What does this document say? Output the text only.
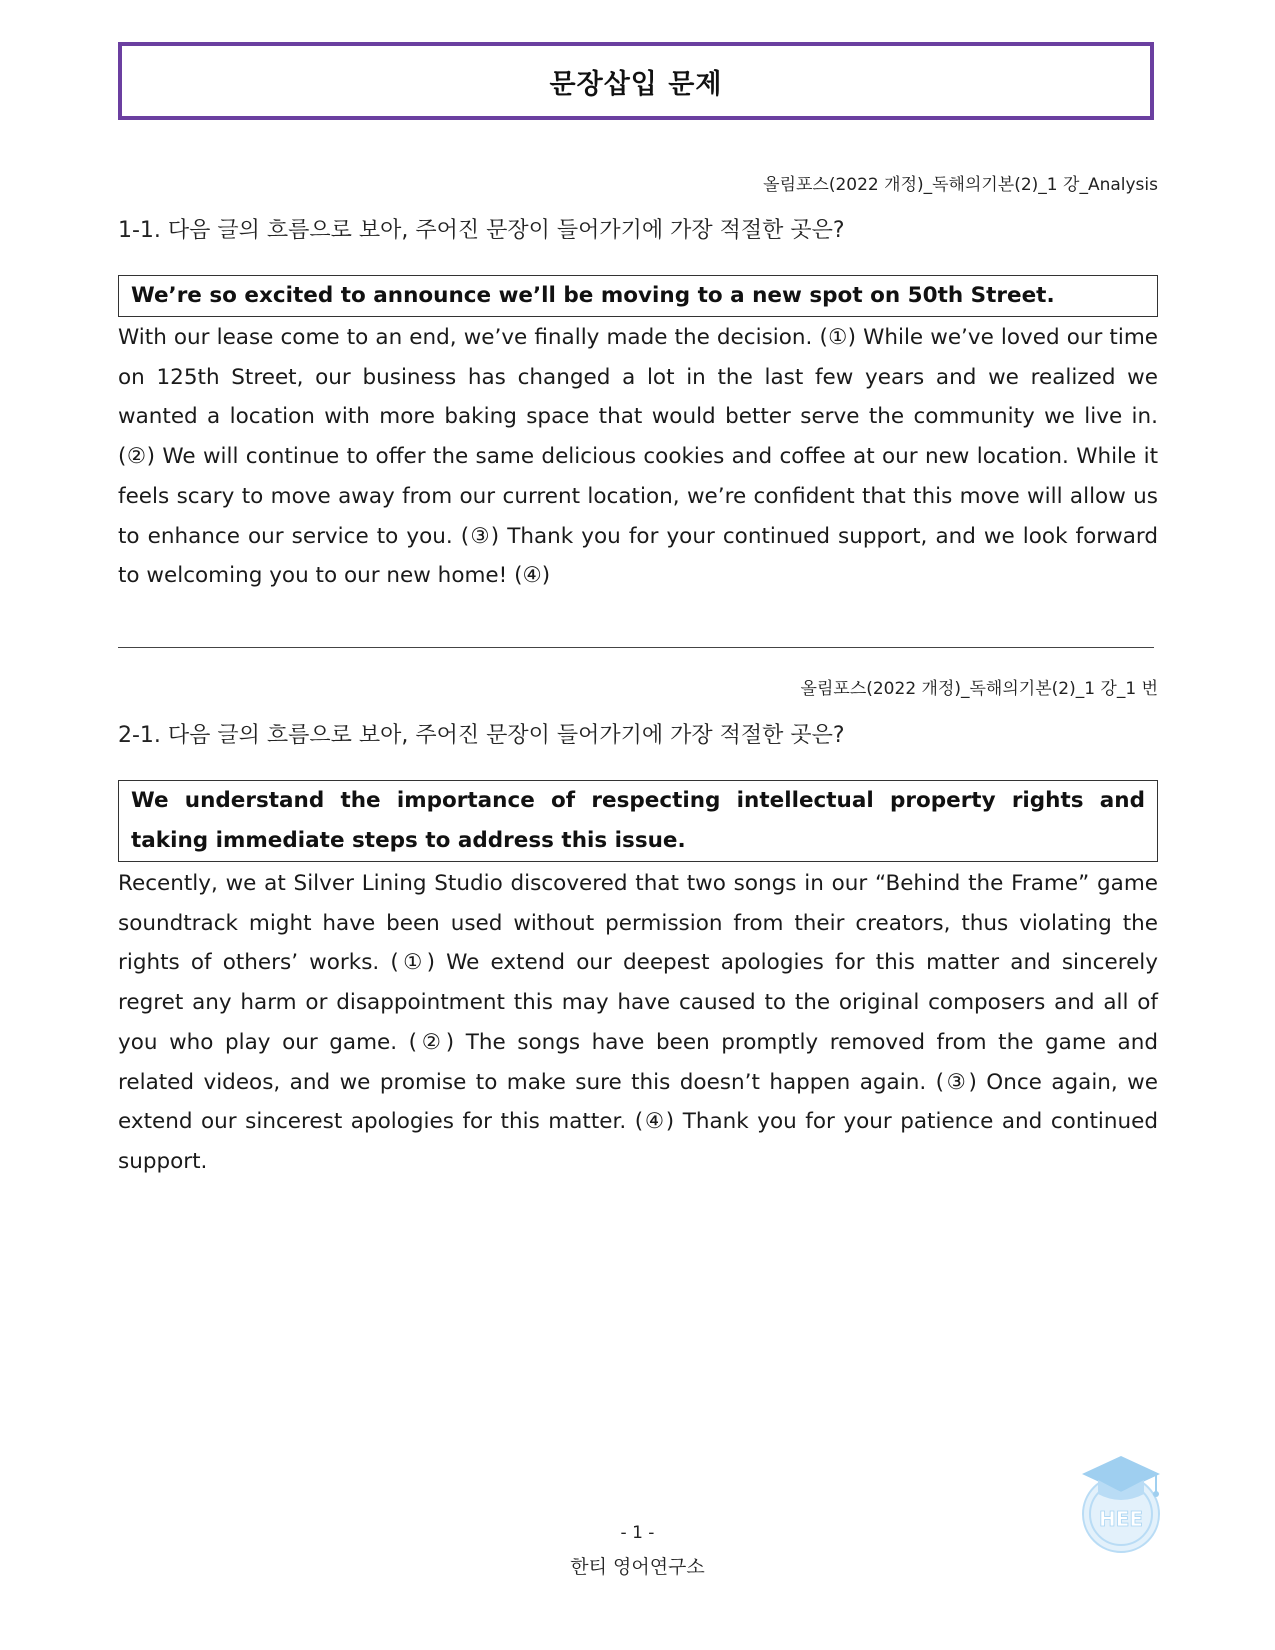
문장삽입 문제
올림포스(2022 개정)_독해의기본(2)_1 강_Analysis
1-1. 다음 글의 흐름으로 보아, 주어진 문장이 들어가기에 가장 적절한 곳은?
We’re so excited to announce we’ll be moving to a new spot on 50th Street.

With our lease come to an end, we’ve finally made the decision. (①) While we’ve loved our time on 125th Street, our business has changed a lot in the last few years and we realized we wanted a location with more baking space that would better serve the community we live in. (②) We will continue to offer the same delicious cookies and coffee at our new location. While it feels scary to move away from our current location, we’re confident that this move will allow us to enhance our service to you. (③) Thank you for your continued support, and we look forward to welcoming you to our new home! (④)

올림포스(2022 개정)_독해의기본(2)_1 강_1 번
2-1. 다음 글의 흐름으로 보아, 주어진 문장이 들어가기에 가장 적절한 곳은?
We understand the importance of respecting intellectual property rights and taking immediate steps to address this issue.

Recently, we at Silver Lining Studio discovered that two songs in our “Behind the Frame” game soundtrack might have been used without permission from their creators, thus violating the rights of others’ works. (①) We extend our deepest apologies for this matter and sincerely regret any harm or disappointment this may have caused to the original composers and all of you who play our game. (②) The songs have been promptly removed from the game and related videos, and we promise to make sure this doesn’t happen again. (③) Once again, we extend our sincerest apologies for this matter. (④) Thank you for your patience and continued support.

- 1 -
한티 영어연구소
HEE
